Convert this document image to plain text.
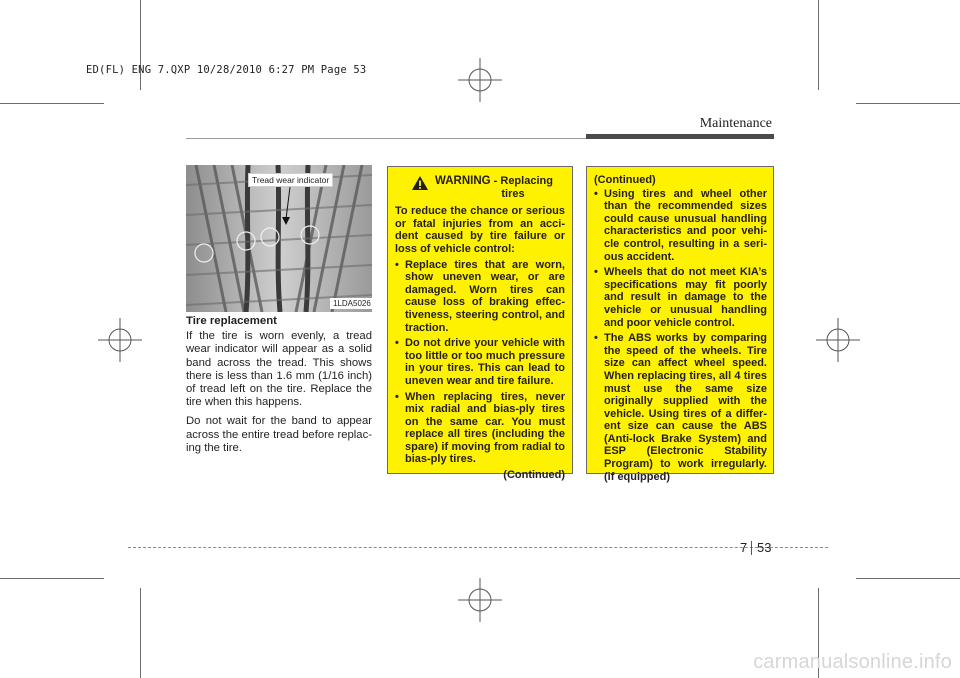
ED(FL) ENG 7.QXP 10/28/2010 6:27 PM Page 53
Maintenance
Tread wear indicator
1LDA5026
Tire replacement

If the tire is worn evenly, a tread wear indicator will appear as a solid band across the tread. This shows there is less than 1.6 mm (1/16 inch) of tread left on the tire. Replace the tire when this happens.

Do not wait for the band to appear across the entire tread before replac-ing the tire.

WARNING - Replacing
tires

To reduce the chance or serious or fatal injuries from an acci-dent caused by tire failure or loss of vehicle control:

• Replace tires that are worn, show uneven wear, or are damaged. Worn tires can cause loss of braking effec-tiveness, steering control, and traction.
• Do not drive your vehicle with too little or too much pressure in your tires. This can lead to uneven wear and tire failure.
• When replacing tires, never mix radial and bias-ply tires on the same car. You must replace all tires (including the spare) if moving from radial to bias-ply tires.
(Continued)
(Continued)
• Using tires and wheel other than the recommended sizes could cause unusual handling characteristics and poor vehi-cle control, resulting in a seri-ous accident.
• Wheels that do not meet KIA’s specifications may fit poorly and result in damage to the vehicle or unusual handling and poor vehicle control.
• The ABS works by comparing the speed of the wheels. Tire size can affect wheel speed. When replacing tires, all 4 tires must use the same size originally supplied with the vehicle. Using tires of a differ-ent size can cause the ABS (Anti-lock Brake System) and ESP (Electronic Stability Program) to work irregularly. (if equipped)
7 53
carmanualsonline.info
